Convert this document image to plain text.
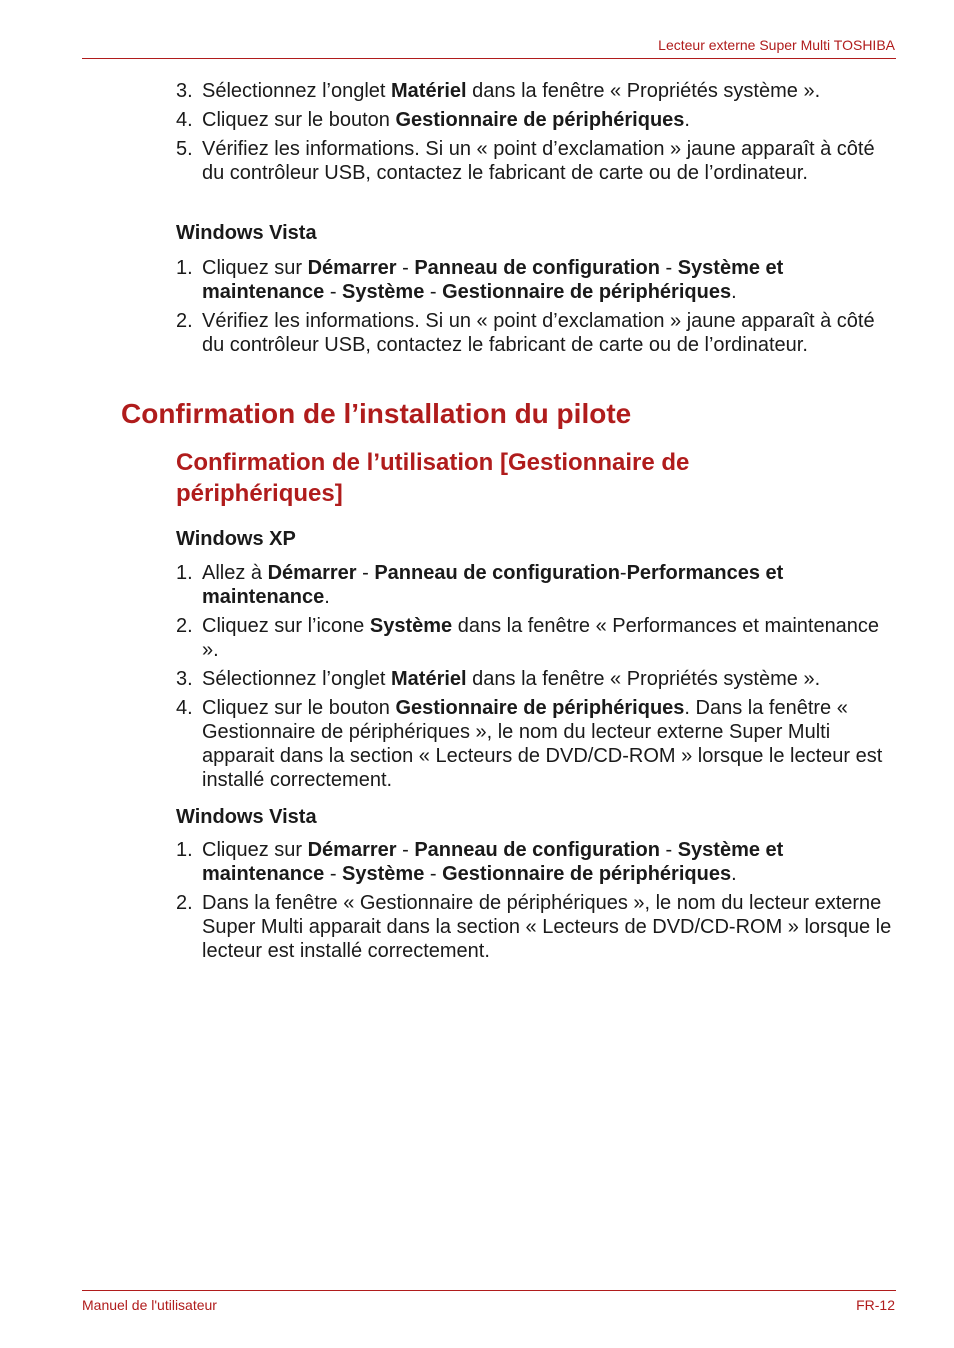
Lecteur externe Super Multi TOSHIBA
3. Sélectionnez l’onglet Matériel dans la fenêtre « Propriétés système ».
4. Cliquez sur le bouton Gestionnaire de périphériques.
5. Vérifiez les informations. Si un « point d’exclamation » jaune apparaît à côté du contrôleur USB, contactez le fabricant de carte ou de l’ordinateur.
Windows Vista
1. Cliquez sur Démarrer - Panneau de configuration - Système et maintenance - Système - Gestionnaire de périphériques.
2. Vérifiez les informations. Si un « point d’exclamation » jaune apparaît à côté du contrôleur USB, contactez le fabricant de carte ou de l’ordinateur.
Confirmation de l’installation du pilote
Confirmation de l’utilisation [Gestionnaire de périphériques]
Windows XP
1. Allez à Démarrer - Panneau de configuration-Performances et maintenance.
2. Cliquez sur l’icone Système dans la fenêtre « Performances et maintenance ».
3. Sélectionnez l’onglet Matériel dans la fenêtre « Propriétés système ».
4. Cliquez sur le bouton Gestionnaire de périphériques. Dans la fenêtre « Gestionnaire de périphériques », le nom du lecteur externe Super Multi apparait dans la section « Lecteurs de DVD/CD-ROM » lorsque le lecteur est installé correctement.
Windows Vista
1. Cliquez sur Démarrer - Panneau de configuration - Système et maintenance - Système - Gestionnaire de périphériques.
2. Dans la fenêtre « Gestionnaire de périphériques », le nom du lecteur externe Super Multi apparait dans la section « Lecteurs de DVD/CD-ROM » lorsque le lecteur est installé correctement.
Manuel de l'utilisateur	FR-12
